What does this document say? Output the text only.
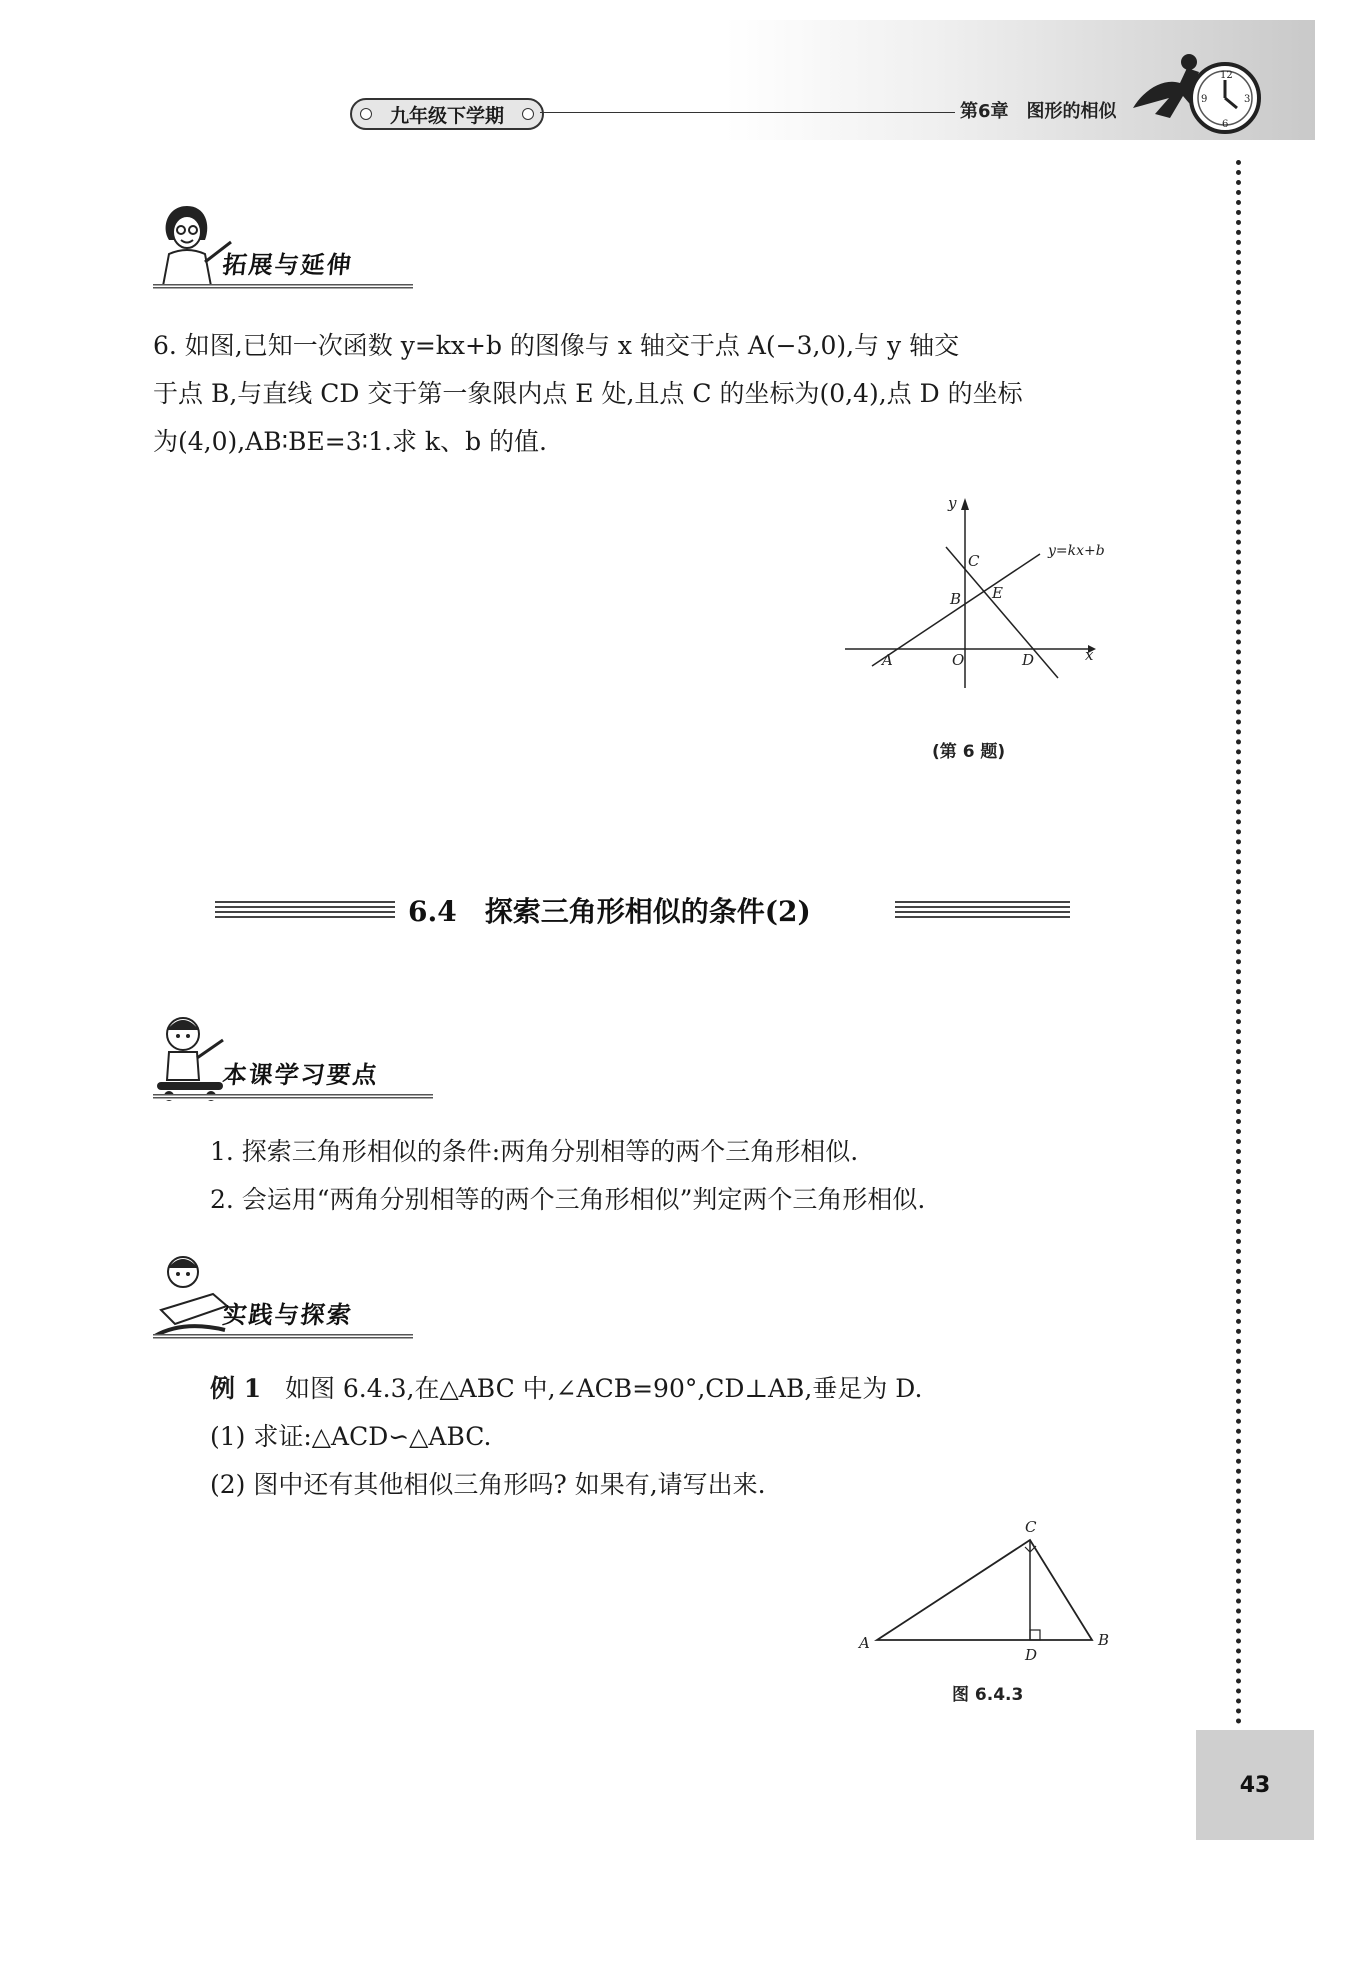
九年级下学期	第6章 图形的相似
12
3
6
9
拓展与延伸
6. 如图,已知一次函数 y=kx+b 的图像与 x 轴交于点 A(−3,0),与 y 轴交
于点 B,与直线 CD 交于第一象限内点 E 处,且点 C 的坐标为(0,4),点 D 的坐标
为(4,0),AB∶BE=3∶1.求 k、b 的值.
y
x
O
A
B
C
E
D
y=kx+b
(第 6 题)
6.4 探索三角形相似的条件(2)
本课学习要点
1. 探索三角形相似的条件:两角分别相等的两个三角形相似.
2. 会运用“两角分别相等的两个三角形相似”判定两个三角形相似.
实践与探索
例 1 如图 6.4.3,在△ABC 中,∠ACB=90°,CD⊥AB,垂足为 D.
(1) 求证:△ACD∽△ABC.
(2) 图中还有其他相似三角形吗? 如果有,请写出来.
A	B
C
D
图 6.4.3
43
